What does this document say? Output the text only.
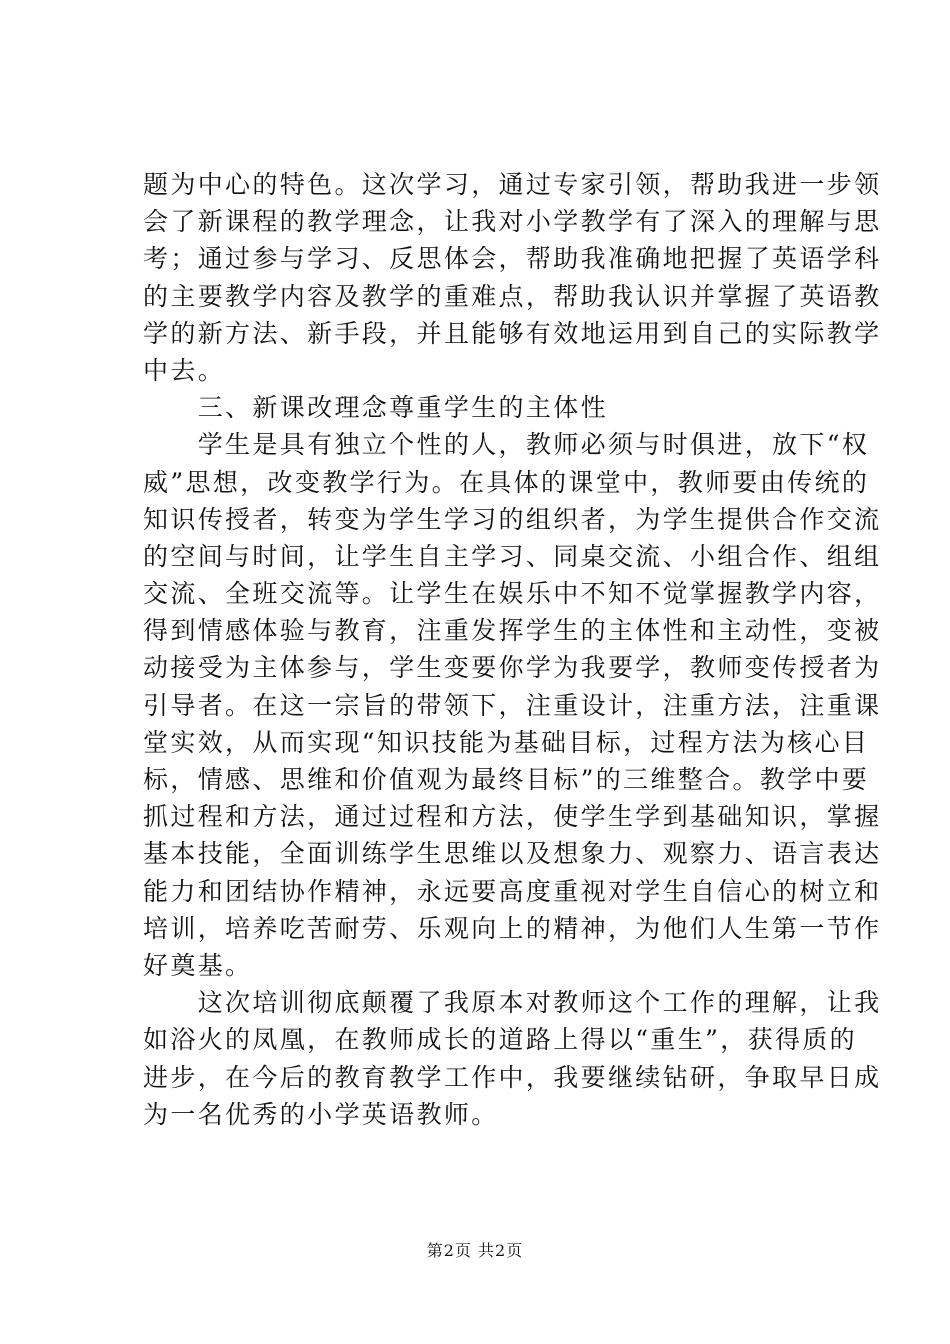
题为中心的特色。这次学习，通过专家引领，帮助我进一步领
会了新课程的教学理念，让我对小学教学有了深入的理解与思
考；通过参与学习、反思体会，帮助我准确地把握了英语学科
的主要教学内容及教学的重难点，帮助我认识并掌握了英语教
学的新方法、新手段，并且能够有效地运用到自己的实际教学
中去。
　　三、新课改理念尊重学生的主体性
　　学生是具有独立个性的人，教师必须与时俱进，放下“权
威”思想，改变教学行为。在具体的课堂中，教师要由传统的
知识传授者，转变为学生学习的组织者，为学生提供合作交流
的空间与时间，让学生自主学习、同桌交流、小组合作、组组
交流、全班交流等。让学生在娱乐中不知不觉掌握教学内容，
得到情感体验与教育，注重发挥学生的主体性和主动性，变被
动接受为主体参与，学生变要你学为我要学，教师变传授者为
引导者。在这一宗旨的带领下，注重设计，注重方法，注重课
堂实效，从而实现“知识技能为基础目标，过程方法为核心目
标，情感、思维和价值观为最终目标”的三维整合。教学中要
抓过程和方法，通过过程和方法，使学生学到基础知识，掌握
基本技能，全面训练学生思维以及想象力、观察力、语言表达
能力和团结协作精神，永远要高度重视对学生自信心的树立和
培训，培养吃苦耐劳、乐观向上的精神，为他们人生第一节作
好奠基。
　　这次培训彻底颠覆了我原本对教师这个工作的理解，让我
如浴火的凤凰，在教师成长的道路上得以“重生”，获得质的
进步，在今后的教育教学工作中，我要继续钻研，争取早日成
为一名优秀的小学英语教师。
第2页 共2页
